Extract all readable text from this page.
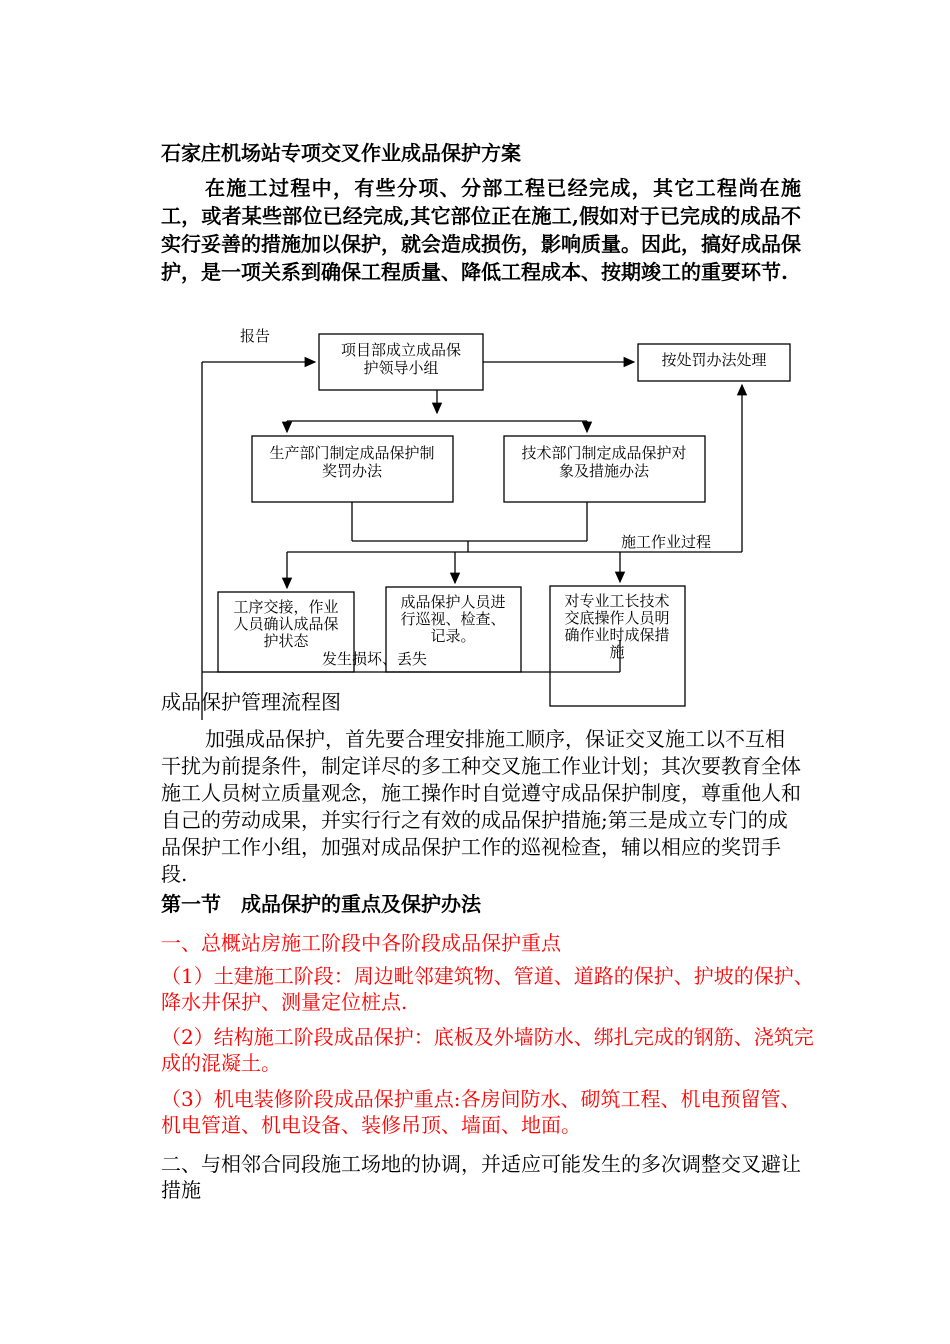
石家庄机场站专项交叉作业成品保护方案
在施工过程中，有些分项、分部工程已经完成，其它工程尚在施工，或者某些部位已经完成,其它部位正在施工,假如对于已完成的成品不实行妥善的措施加以保护，就会造成损伤，影响质量。因此，搞好成品保护，是一项关系到确保工程质量、降低工程成本、按期竣工的重要环节.
报告
项目部成立成品保
护领导小组	按处罚办法处理
生产部门制定成品保护制
奖罚办法
技术部门制定成品保护对
象及措施办法
施工作业过程
工序交接，作业
人员确认成品保
护状态
成品保护人员进
行巡视、检查、
记录。
对专业工长技术
交底操作人员明
确作业时成保措
施
发生损坏、丢失
成品保护管理流程图
加强成品保护，首先要合理安排施工顺序，保证交叉施工以不互相干扰为前提条件，制定详尽的多工种交叉施工作业计划；其次要教育全体施工人员树立质量观念，施工操作时自觉遵守成品保护制度，尊重他人和自己的劳动成果，并实行行之有效的成品保护措施;第三是成立专门的成品保护工作小组，加强对成品保护工作的巡视检查，辅以相应的奖罚手段.
第一节　成品保护的重点及保护办法
一、总概站房施工阶段中各阶段成品保护重点
（1）土建施工阶段：周边毗邻建筑物、管道、道路的保护、护坡的保护、降水井保护、测量定位桩点.
（2）结构施工阶段成品保护：底板及外墙防水、绑扎完成的钢筋、浇筑完成的混凝土。
（3）机电装修阶段成品保护重点:各房间防水、砌筑工程、机电预留管、机电管道、机电设备、装修吊顶、墙面、地面。
二、与相邻合同段施工场地的协调，并适应可能发生的多次调整交叉避让措施
